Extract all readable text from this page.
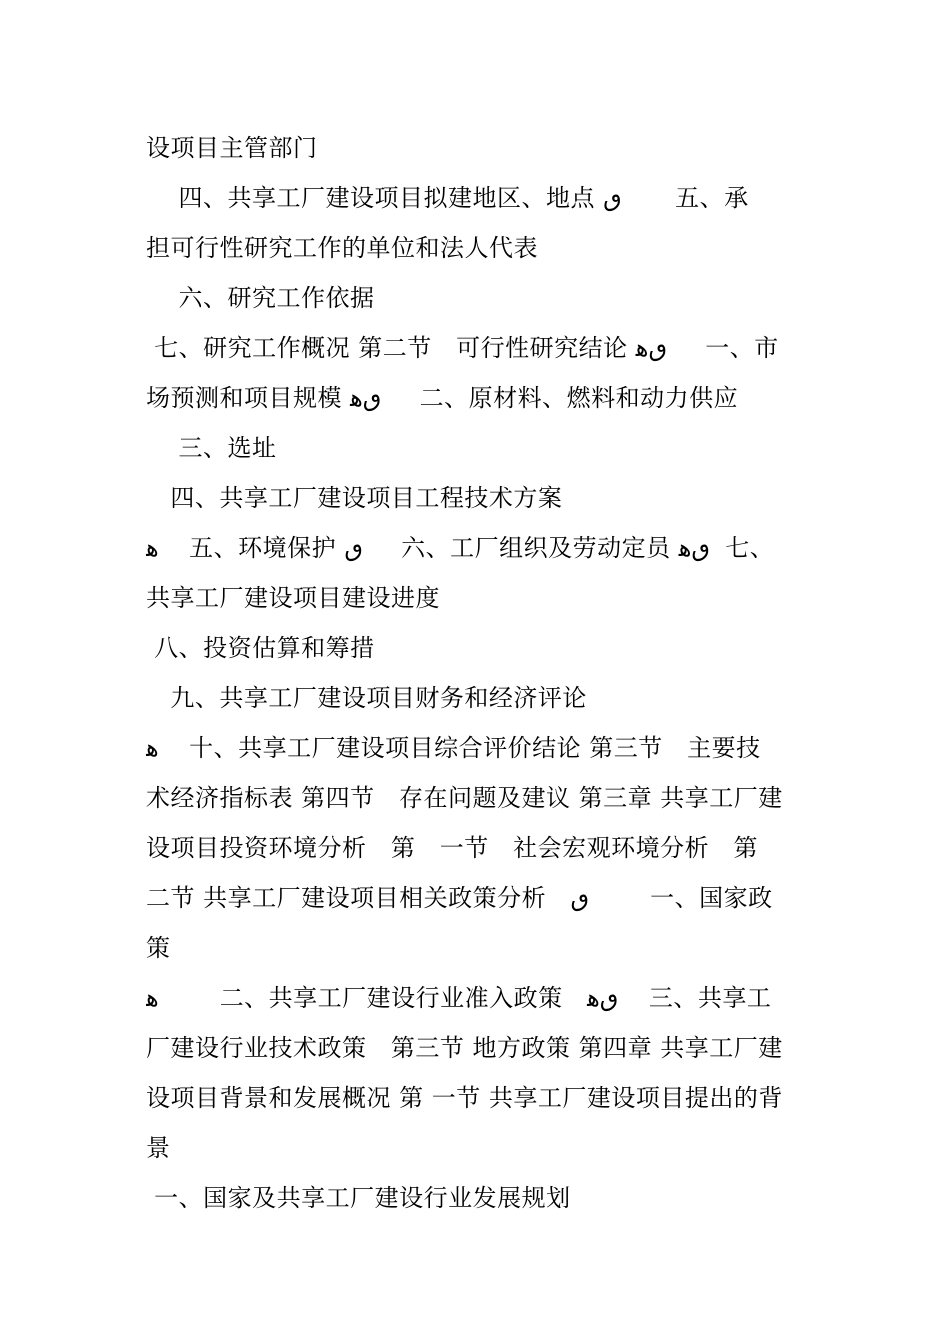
设项目主管部门
四、共享工厂建设项目拟建地区、地点 ٯ       五、承
担可行性研究工作的单位和法人代表
六、研究工作依据
七、研究工作概况 第二节   可行性研究结论 ٯﻫ     一、市
场预测和项目规模 ٯﻫ     二、原材料、燃料和动力供应
三、选址
四、共享工厂建设项目工程技术方案
ﻫ    五、环境保护 ٯ     六、工厂组织及劳动定员 ٯﻫ  七、
共享工厂建设项目建设进度
八、投资估算和筹措
九、共享工厂建设项目财务和经济评论
ﻫ    十、共享工厂建设项目综合评价结论 第三节   主要技
术经济指标表 第四节   存在问题及建议 第三章 共享工厂建
设项目投资环境分析   第   一节   社会宏观环境分析   第
二节 共享工厂建设项目相关政策分析   ٯ        一、国家政
策
ﻫ        二、共享工厂建设行业准入政策   ٯﻫ    三、共享工
厂建设行业技术政策   第三节 地方政策 第四章 共享工厂建
设项目背景和发展概况 第 一节 共享工厂建设项目提出的背
景
一、国家及共享工厂建设行业发展规划
